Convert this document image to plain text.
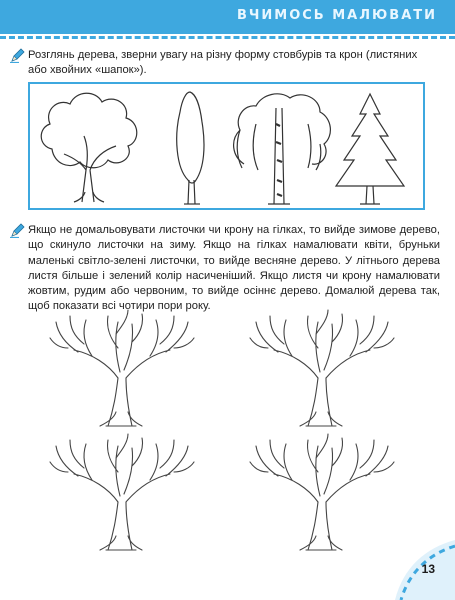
ВЧИМОСЬ МАЛЮВАТИ

Розглянь дерева, зверни увагу на різну форму стовбурів та крон (листяних або хвойних «шапок»).

Якщо не домальовувати листочки чи крону на гілках, то вийде зимове дерево, що скинуло листочки на зиму. Якщо на гілках намалювати квіти, бруньки маленькі світло-зелені листочки, то вийде весняне дерево. У літнього дерева листя більше і зелений колір насиченіший. Якщо листя чи крону намалювати жовтим, рудим або червоним, то вийде осіннє дерево. Домалюй дерева так, щоб показати всі чотири пори року.

13
